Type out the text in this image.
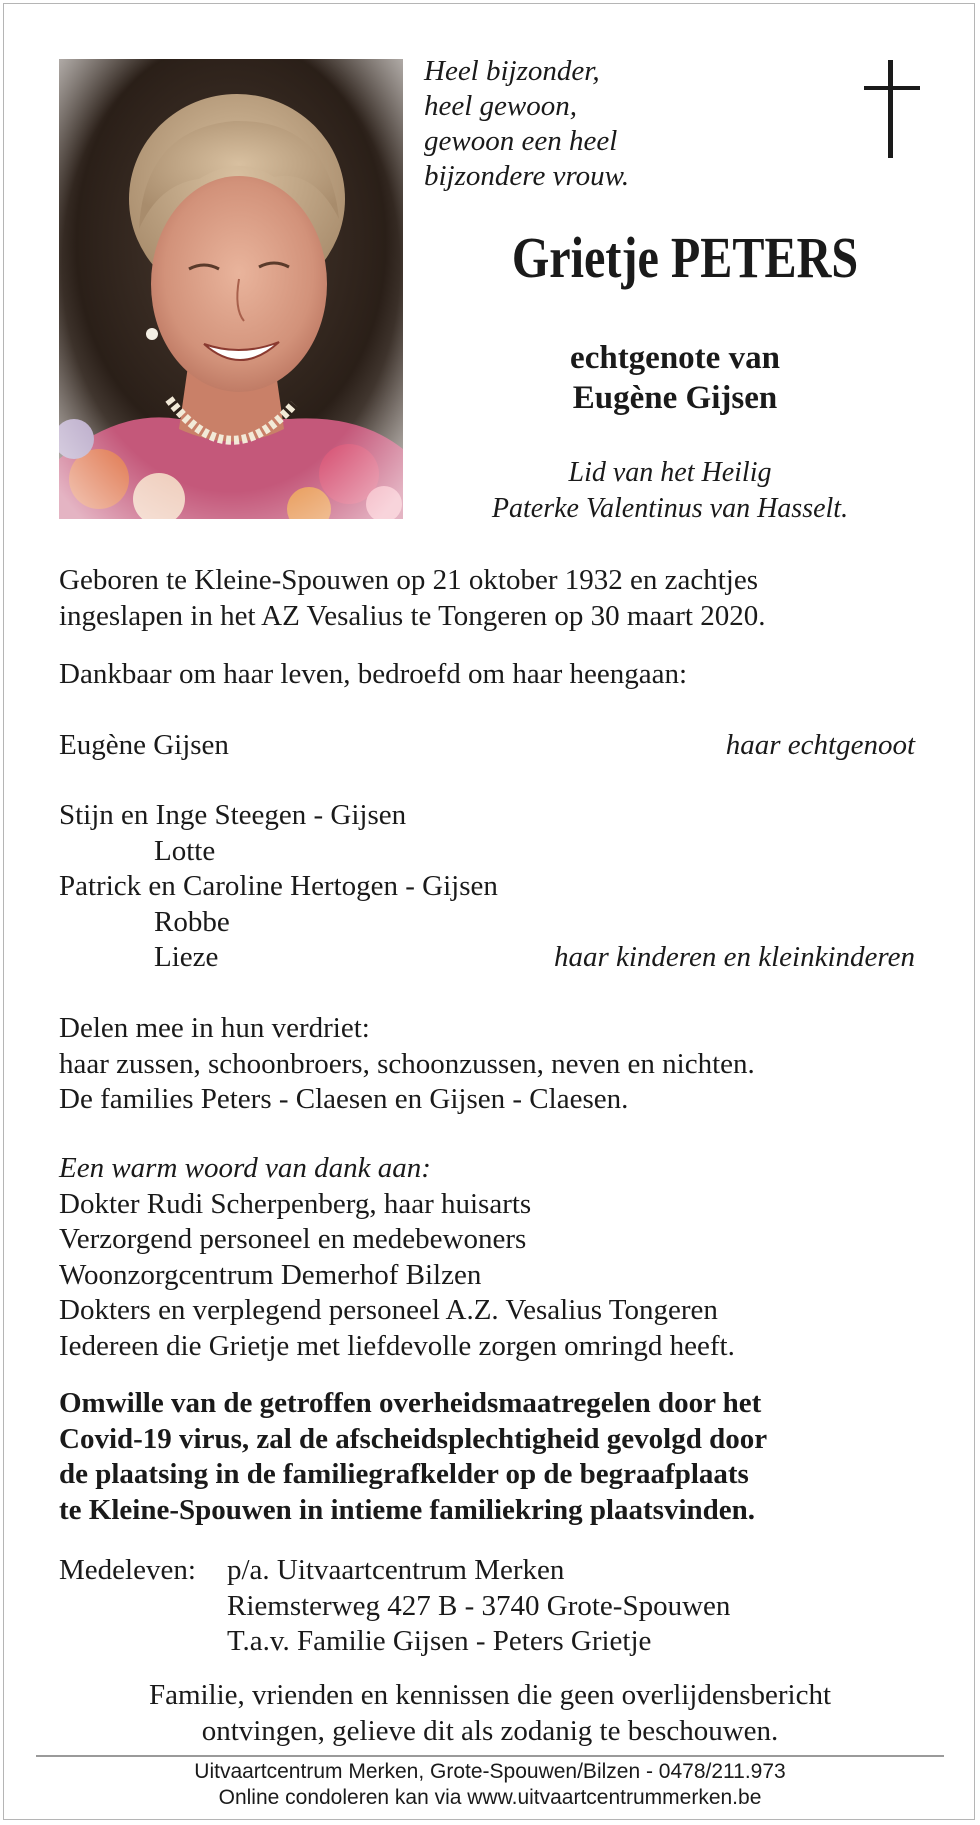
Heel bijzonder,
heel gewoon,
gewoon een heel
bijzondere vrouw.
Grietje PETERS
echtgenote van
Eugène Gijsen
Lid van het Heilig
Paterke Valentinus van Hasselt.
Geboren te Kleine-Spouwen op 21 oktober 1932 en zachtjes
ingeslapen in het AZ Vesalius te Tongeren op 30 maart 2020.
Dankbaar om haar leven, bedroefd om haar heengaan:
Eugène Gijsen	haar echtgenoot
Stijn en Inge Steegen - Gijsen
Lotte
Patrick en Caroline Hertogen - Gijsen
Robbe
Lieze	haar kinderen en kleinkinderen
Delen mee in hun verdriet:
haar zussen, schoonbroers, schoonzussen, neven en nichten.
De families Peters - Claesen en Gijsen - Claesen.
Een warm woord van dank aan:
Dokter Rudi Scherpenberg, haar huisarts
Verzorgend personeel en medebewoners
Woonzorgcentrum Demerhof Bilzen
Dokters en verplegend personeel A.Z. Vesalius Tongeren
Iedereen die Grietje met liefdevolle zorgen omringd heeft.
Omwille van de getroffen overheidsmaatregelen door het
Covid-19 virus, zal de afscheidsplechtigheid gevolgd door
de plaatsing in de familiegrafkelder op de begraafplaats
te Kleine-Spouwen in intieme familiekring plaatsvinden.
Medeleven: p/a. Uitvaartcentrum Merken
Riemsterweg 427 B - 3740 Grote-Spouwen
T.a.v. Familie Gijsen - Peters Grietje
Familie, vrienden en kennissen die geen overlijdensbericht
ontvingen, gelieve dit als zodanig te beschouwen.
Uitvaartcentrum Merken, Grote-Spouwen/Bilzen - 0478/211.973
Online condoleren kan via www.uitvaartcentrummerken.be
